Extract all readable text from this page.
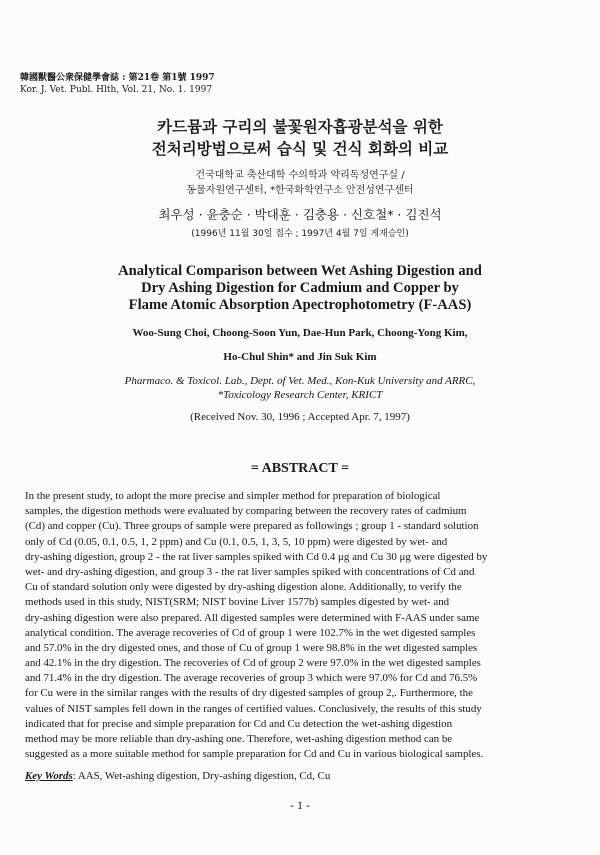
韓國獸醫公衆保健學會誌 : 第21卷 第1號 1997
Kor. J. Vet. Publ. Hlth, Vol. 21, No. 1. 1997
카드뮴과 구리의 불꽃원자흡광분석을 위한
전처리방법으로써 습식 및 건식 회화의 비교
건국대학교 축산대학 수의학과 약리독성연구실 /
동물자원연구센터, *한국화학연구소 안전성연구센터
최우성 · 윤충순 · 박대훈 · 김충용 · 신호철* · 김진석
(1996년 11월 30일 접수 ; 1997년 4월 7일 게재승인)
Analytical Comparison between Wet Ashing Digestion and
Dry Ashing Digestion for Cadmium and Copper by
Flame Atomic Absorption Apectrophotometry (F-AAS)
Woo-Sung Choi, Choong-Soon Yun, Dae-Hun Park, Choong-Yong Kim,
Ho-Chul Shin* and Jin Suk Kim
Pharmaco. & Toxicol. Lab., Dept. of Vet. Med., Kon-Kuk University and ARRC,
*Toxicology Research Center, KRICT
(Received Nov. 30, 1996 ; Accepted Apr. 7, 1997)
= ABSTRACT =
In the present study, to adopt the more precise and simpler method for preparation of biological
samples, the digestion methods were evaluated by comparing between the recovery rates of cadmium
(Cd) and copper (Cu). Three groups of sample were prepared as followings ; group 1 - standard solution
only of Cd (0.05, 0.1, 0.5, 1, 2 ppm) and Cu (0.1, 0.5, 1, 3, 5, 10 ppm) were digested by wet- and
dry-ashing digestion, group 2 - the rat liver samples spiked with Cd 0.4 μg and Cu 30 μg were digested by
wet- and dry-ashing digestion, and group 3 - the rat liver samples spiked with concentrations of Cd and
Cu of standard solution only were digested by dry-ashing digestion alone. Additionally, to verify the
methods used in this study, NIST(SRM; NIST bovine Liver 1577b) samples digested by wet- and
dry-ashing digestion were also prepared. All digested samples were determined with F-AAS under same
analytical condition. The average recoveries of Cd of group 1 were 102.7% in the wet digested samples
and 57.0% in the dry digested ones, and those of Cu of group 1 were 98.8% in the wet digested samples
and 42.1% in the dry digestion. The recoveries of Cd of group 2 were 97.0% in the wet digested samples
and 71.4% in the dry digestion. The average recoveries of group 3 which were 97.0% for Cd and 76.5%
for Cu were in the similar ranges with the results of dry digested samples of group 2,. Furthermore, the
values of NIST samples fell down in the ranges of certified values. Conclusively, the results of this study
indicated that for precise and simple preparation for Cd and Cu detection the wet-ashing digestion
method may be more reliable than dry-ashing one. Therefore, wet-ashing digestion method can be
suggested as a more suitable method for sample preparation for Cd and Cu in various biological samples.
Key Words: AAS, Wet-ashing digestion, Dry-ashing digestion, Cd, Cu
- 1 -
